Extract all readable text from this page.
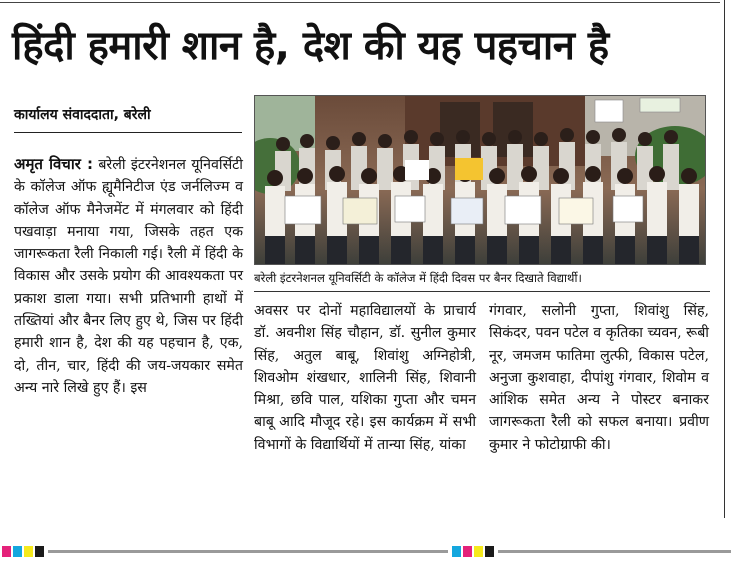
हिंदी हमारी शान है, देश की यह पहचान है
कार्यालय संवाददाता, बरेली

अमृत विचार : बरेली इंटरनेशनल यूनिवर्सिटी के कॉलेज ऑफ ह्यूमैनिटीज एंड जर्नलिज्म व कॉलेज ऑफ मैनेजमेंट में मंगलवार को हिंदी पखवाड़ा मनाया गया, जिसके तहत एक जागरूकता रैली निकाली गई। रैली में हिंदी के विकास और उसके प्रयोग की आवश्यकता पर प्रकाश डाला गया। सभी प्रतिभागी हाथों में तख्तियां और बैनर लिए हुए थे, जिस पर हिंदी हमारी शान है, देश की यह पहचान है, एक, दो, तीन, चार, हिंदी की जय-जयकार समेत अन्य नारे लिखे हुए हैं। इस

बरेली इंटरनेशनल यूनिवर्सिटी के कॉलेज में हिंदी दिवस पर बैनर दिखाते विद्यार्थी।

अवसर पर दोनों महाविद्यालयों के प्राचार्य डॉ. अवनीश सिंह चौहान, डॉ. सुनील कुमार सिंह, अतुल बाबू, शिवांशु अग्निहोत्री, शिवओम शंखधार, शालिनी सिंह, शिवानी मिश्रा, छवि पाल, यशिका गुप्ता और चमन बाबू आदि मौजूद रहे। इस कार्यक्रम में सभी विभागों के विद्यार्थियों में तान्या सिंह, यांका

गंगवार, सलोनी गुप्ता, शिवांशु सिंह, सिकंदर, पवन पटेल व कृतिका च्यवन, रूबी नूर, जमजम फातिमा लुत्फी, विकास पटेल, अनुजा कुशवाहा, दीपांशु गंगवार, शिवोम व आंशिक समेत अन्य ने पोस्टर बनाकर जागरूकता रैली को सफल बनाया। प्रवीण कुमार ने फोटोग्राफी की।
